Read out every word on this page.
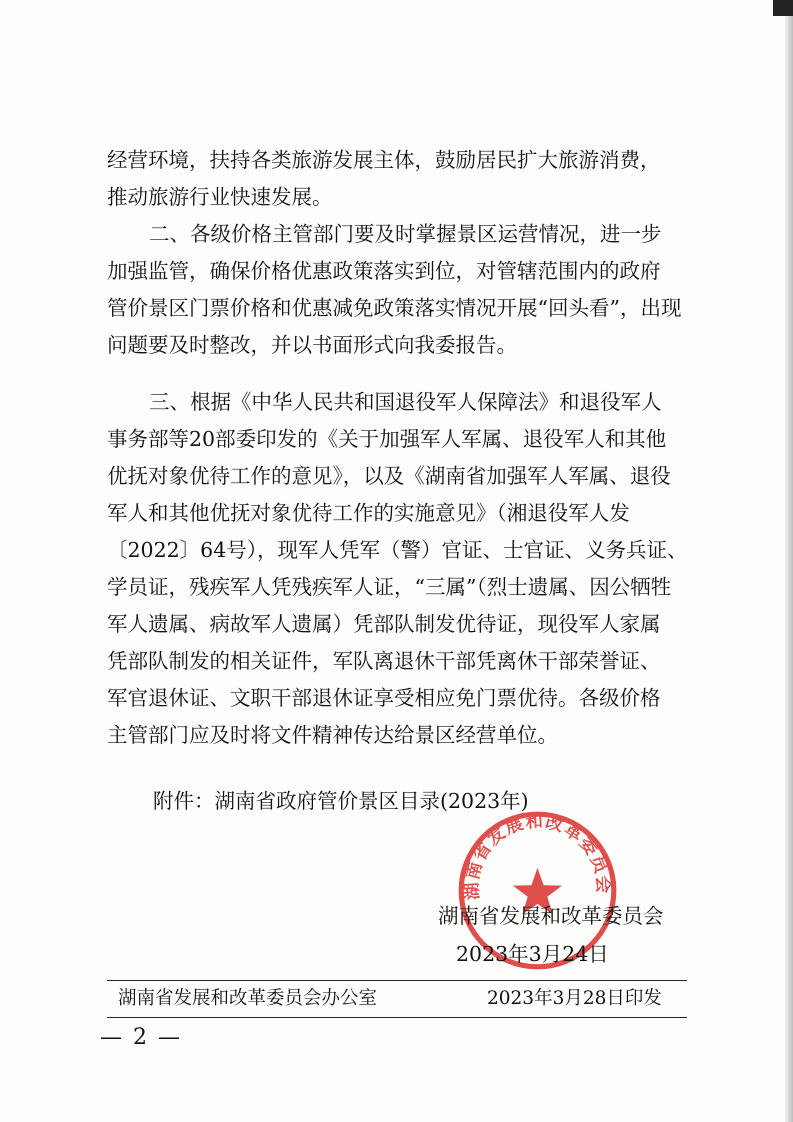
经营环境，扶持各类旅游发展主体，鼓励居民扩大旅游消费，
推动旅游行业快速发展。
二、各级价格主管部门要及时掌握景区运营情况，进一步
加强监管，确保价格优惠政策落实到位，对管辖范围内的政府
管价景区门票价格和优惠减免政策落实情况开展“回头看”，出现
问题要及时整改，并以书面形式向我委报告。
三、根据《中华人民共和国退役军人保障法》和退役军人
事务部等20部委印发的《关于加强军人军属、退役军人和其他
优抚对象优待工作的意见》，以及《湖南省加强军人军属、退役
军人和其他优抚对象优待工作的实施意见》（湘退役军人发
〔2022〕64号），现军人凭军（警）官证、士官证、义务兵证、
学员证，残疾军人凭残疾军人证，“三属”（烈士遗属、因公牺牲
军人遗属、病故军人遗属）凭部队制发优待证，现役军人家属
凭部队制发的相关证件，军队离退休干部凭离休干部荣誉证、
军官退休证、文职干部退休证享受相应免门票优待。各级价格
主管部门应及时将文件精神传达给景区经营单位。
附件：湖南省政府管价景区目录(2023年)
湖南省发展和改革委员会
湖南省发展和改革委员会
2023年3月24日
湖南省发展和改革委员会办公室	2023年3月28日印发
— 2 —
